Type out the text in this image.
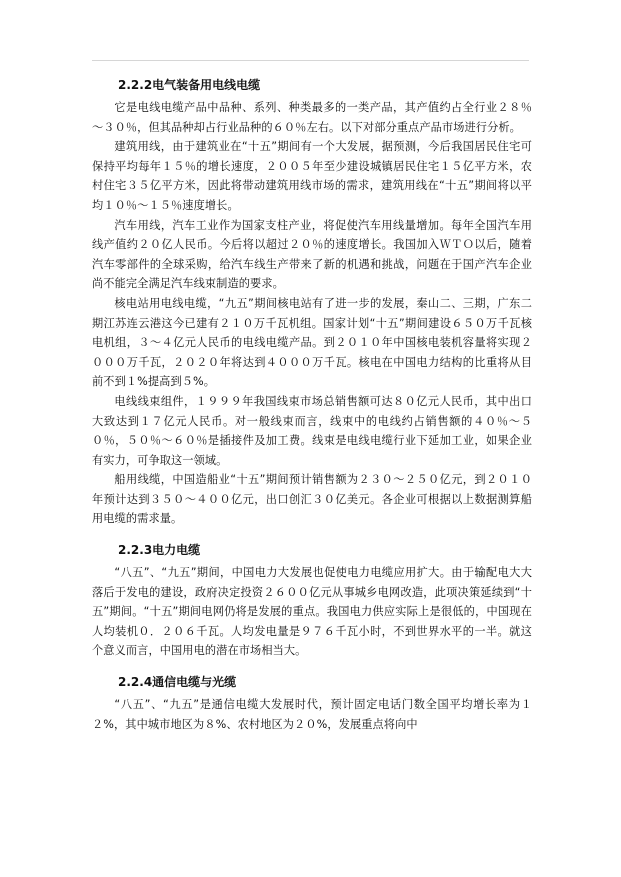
2.2.2电气装备用电线电缆

它是电线电缆产品中品种、系列、种类最多的一类产品，其产值约占全行业２８％～３０％，但其品种却占行业品种的６０％左右。以下对部分重点产品市场进行分析。

建筑用线，由于建筑业在“十五”期间有一个大发展，据预测，今后我国居民住宅可保持平均每年１５％的增长速度，２００５年至少建设城镇居民住宅１５亿平方米，农村住宅３５亿平方米，因此将带动建筑用线市场的需求，建筑用线在“十五”期间将以平均１０％～１５％速度增长。

汽车用线，汽车工业作为国家支柱产业，将促使汽车用线量增加。每年全国汽车用线产值约２０亿人民币。今后将以超过２０％的速度增长。我国加入ＷＴＯ以后，随着汽车零部件的全球采购，给汽车线生产带来了新的机遇和挑战，问题在于国产汽车企业尚不能完全满足汽车线束制造的要求。

核电站用电线电缆，“九五”期间核电站有了进一步的发展，秦山二、三期，广东二期江苏连云港这今已建有２１０万千瓦机组。国家计划“十五”期间建设６５０万千瓦核电机组，３～４亿元人民币的电线电缆产品。到２０１０年中国核电装机容量将实现２０００万千瓦，２０２０年将达到４０００万千瓦。核电在中国电力结构的比重将从目前不到１%提高到５%。

电线线束组件，１９９９年我国线束市场总销售额可达８０亿元人民币，其中出口大致达到１７亿元人民币。对一般线束而言，线束中的电线约占销售额的４０％～５０％，５０％～６０％是插接件及加工费。线束是电线电缆行业下延加工业，如果企业有实力，可争取这一领域。

船用线缆，中国造船业“十五”期间预计销售额为２３０～２５０亿元，到２０１０年预计达到３５０～４００亿元，出口创汇３０亿美元。各企业可根据以上数据测算船用电缆的需求量。

2.2.3电力电缆

“八五”、“九五”期间，中国电力大发展也促使电力电缆应用扩大。由于输配电大大落后于发电的建设，政府决定投资２６００亿元从事城乡电网改造，此项决策延续到“十五”期间。“十五”期间电网仍将是发展的重点。我国电力供应实际上是很低的，中国现在人均装机０．２０６千瓦。人均发电量是９７６千瓦小时，不到世界水平的一半。就这个意义而言，中国用电的潜在市场相当大。

2.2.4通信电缆与光缆

“八五”、“九五”是通信电缆大发展时代，预计固定电话门数全国平均增长率为１２%，其中城市地区为８%、农村地区为２０%，发展重点将向中
